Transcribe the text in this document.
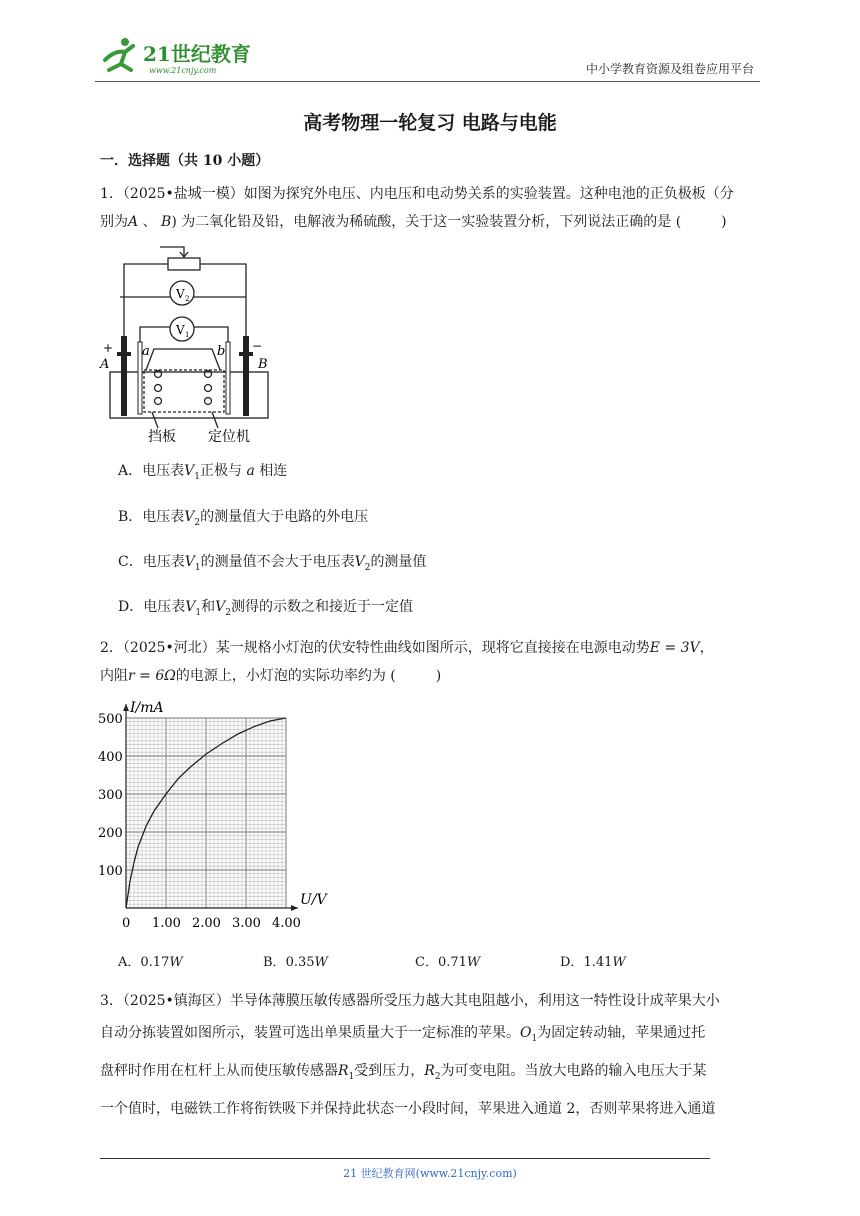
21世纪教育
www.21cnjy.com	中小学教育资源及组卷应用平台
高考物理一轮复习 电路与电能
一．选择题（共 10 小题）
1．（2025•盐城一模）如图为探究外电压、内电压和电动势关系的实验装置。这种电池的正负极板（分
别为A 、 B) 为二氧化铅及铅，电解液为稀硫酸，关于这一实验装置分析，下列说法正确的是 (	)
+
A
a	b −
B
V 2
V 1
挡板 定位机
A．电压表$V_1$正极与 a 相连
B．电压表$V_2$的测量值大于电路的外电压
C．电压表$V_1$的测量值不会大于电压表$V_2$的测量值
D．电压表$V_1$和$V_2$测得的示数之和接近于一定值
2．（2025•河北）某一规格小灯泡的伏安特性曲线如图所示，现将它直接接在电源电动势E = 3V，
内阻r = 6Ω的电源上，小灯泡的实际功率约为 (	)
0 1.00 2.00 3.00 4.00
100
200
300
400
500
I/mA
U/V
A．0.17W	B．0.35W	C．0.71W	D．1.41W
3．（2025•镇海区）半导体薄膜压敏传感器所受压力越大其电阻越小，利用这一特性设计成苹果大小
自动分拣装置如图所示，装置可选出单果质量大于一定标准的苹果。$O_1$为固定转动轴，苹果通过托
盘秤时作用在杠杆上从而使压敏传感器$R_1$受到压力，$R_2$为可变电阻。当放大电路的输入电压大于某
一个值时，电磁铁工作将衔铁吸下并保持此状态一小段时间，苹果进入通道 2，否则苹果将进入通道
21 世纪教育网(www.21cnjy.com)
